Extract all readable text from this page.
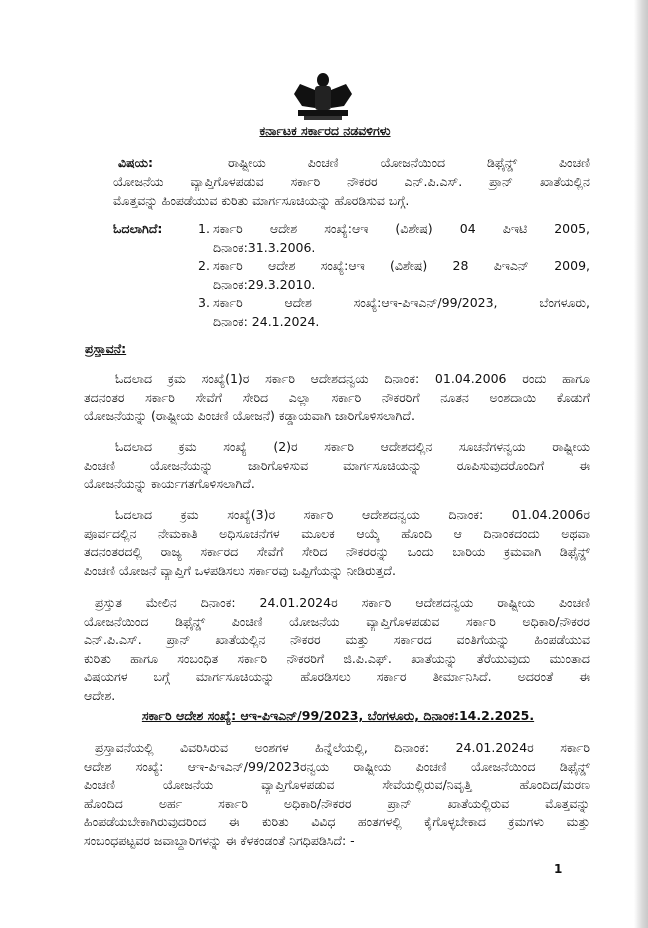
ಕರ್ನಾಟಕ ಸರ್ಕಾರದ ನಡವಳಿಗಳು
ವಿಷಯ:	ರಾಷ್ಟ್ರೀಯ ಪಿಂಚಣಿ ಯೋಜನೆಯಿಂದ ಡಿಫೈನ್ಡ್ ಪಿಂಚಣಿ
ಯೋಜನೆಯ ವ್ಯಾಪ್ತಿಗೊಳಪಡುವ ಸರ್ಕಾರಿ ನೌಕರರ ಎನ್.ಪಿ.ಎಸ್. ಪ್ರಾನ್ ಖಾತೆಯಲ್ಲಿನ
ಮೊತ್ತವನ್ನು ಹಿಂಪಡೆಯುವ ಕುರಿತು ಮಾರ್ಗಸೂಚಿಯನ್ನು ಹೊರಡಿಸುವ ಬಗ್ಗೆ.
ಓದಲಾಗಿದೆ:	1. ಸರ್ಕಾರಿ ಆದೇಶ ಸಂಖ್ಯೆ:ಆಇ (ವಿಶೇಷ) 04 ಪಿಇಟಿ 2005,
ದಿನಾಂಕ:31.3.2006.
2. ಸರ್ಕಾರಿ ಆದೇಶ ಸಂಖ್ಯೆ:ಆಇ (ವಿಶೇಷ) 28 ಪಿಇಎನ್ 2009,
ದಿನಾಂಕ:29.3.2010.
3. ಸರ್ಕಾರಿ ಆದೇಶ ಸಂಖ್ಯೆ:ಆಇ-ಪಿಇಎನ್/99/2023, ಬೆಂಗಳೂರು,
ದಿನಾಂಕ: 24.1.2024.
ಪ್ರಸ್ತಾವನೆ:
ಓದಲಾದ ಕ್ರಮ ಸಂಖ್ಯೆ(1)ರ ಸರ್ಕಾರಿ ಆದೇಶದನ್ವಯ ದಿನಾಂಕ: 01.04.2006 ರಂದು ಹಾಗೂ
ತದನಂತರ ಸರ್ಕಾರಿ ಸೇವೆಗೆ ಸೇರಿದ ಎಲ್ಲಾ ಸರ್ಕಾರಿ ನೌಕರರಿಗೆ ನೂತನ ಅಂಶದಾಯಿ ಕೊಡುಗೆ
ಯೋಜನೆಯನ್ನು (ರಾಷ್ಟ್ರೀಯ ಪಿಂಚಣಿ ಯೋಜನೆ) ಕಡ್ಡಾಯವಾಗಿ ಜಾರಿಗೊಳಿಸಲಾಗಿದೆ.
ಓದಲಾದ ಕ್ರಮ ಸಂಖ್ಯೆ (2)ರ ಸರ್ಕಾರಿ ಆದೇಶದಲ್ಲಿನ ಸೂಚನೆಗಳನ್ವಯ ರಾಷ್ಟ್ರೀಯ
ಪಿಂಚಣಿ ಯೋಜನೆಯನ್ನು ಜಾರಿಗೊಳಿಸುವ ಮಾರ್ಗಸೂಚಿಯನ್ನು ರೂಪಿಸುವುದರೊಂದಿಗೆ ಈ
ಯೋಜನೆಯನ್ನು ಕಾರ್ಯಗತಗೊಳಿಸಲಾಗಿದೆ.
ಓದಲಾದ ಕ್ರಮ ಸಂಖ್ಯೆ(3)ರ ಸರ್ಕಾರಿ ಆದೇಶದನ್ವಯ ದಿನಾಂಕ: 01.04.2006ರ
ಪೂರ್ವದಲ್ಲಿನ ನೇಮಕಾತಿ ಅಧಿಸೂಚನೆಗಳ ಮೂಲಕ ಆಯ್ಕೆ ಹೊಂದಿ ಆ ದಿನಾಂಕದಂದು ಅಥವಾ
ತದನಂತರದಲ್ಲಿ ರಾಜ್ಯ ಸರ್ಕಾರದ ಸೇವೆಗೆ ಸೇರಿದ ನೌಕರರನ್ನು ಒಂದು ಬಾರಿಯ ಕ್ರಮವಾಗಿ ಡಿಫೈನ್ಡ್
ಪಿಂಚಣಿ ಯೋಜನೆ ವ್ಯಾಪ್ತಿಗೆ ಒಳಪಡಿಸಲು ಸರ್ಕಾರವು ಒಪ್ಪಿಗೆಯನ್ನು ನೀಡಿರುತ್ತದೆ.
ಪ್ರಸ್ತುತ ಮೇಲಿನ ದಿನಾಂಕ: 24.01.2024ರ ಸರ್ಕಾರಿ ಆದೇಶದನ್ವಯ ರಾಷ್ಟ್ರೀಯ ಪಿಂಚಣಿ
ಯೋಜನೆಯಿಂದ ಡಿಫೈನ್ಡ್ ಪಿಂಚಿಣಿ ಯೋಜನೆಯ ವ್ಯಾಪ್ತಿಗೊಳಪಡುವ ಸರ್ಕಾರಿ ಅಧಿಕಾರಿ/ನೌಕರರ
ಎನ್.ಪಿ.ಎಸ್. ಪ್ರಾನ್ ಖಾತೆಯಲ್ಲಿನ ನೌಕರರ ಮತ್ತು ಸರ್ಕಾರದ ವಂತಿಗೆಯನ್ನು ಹಿಂಪಡೆಯುವ
ಕುರಿತು ಹಾಗೂ ಸಂಬಂಧಿತ ಸರ್ಕಾರಿ ನೌಕರರಿಗೆ ಜಿ.ಪಿ.ಎಫ್. ಖಾತೆಯನ್ನು ತೆರೆಯುವುದು ಮುಂತಾದ
ವಿಷಯಗಳ ಬಗ್ಗೆ ಮಾರ್ಗಸೂಚಿಯನ್ನು ಹೊರಡಿಸಲು ಸರ್ಕಾರ ತೀರ್ಮಾನಿಸಿದೆ. ಅದರಂತೆ ಈ
ಆದೇಶ.
ಸರ್ಕಾರಿ ಆದೇಶ ಸಂಖ್ಯೆ: ಆಇ-ಪಿಇಎನ್/99/2023, ಬೆಂಗಳೂರು, ದಿನಾಂಕ:14.2.2025.
ಪ್ರಸ್ತಾವನೆಯಲ್ಲಿ ವಿವರಿಸಿರುವ ಅಂಶಗಳ ಹಿನ್ನೆಲೆಯಲ್ಲಿ, ದಿನಾಂಕ: 24.01.2024ರ ಸರ್ಕಾರಿ
ಆದೇಶ ಸಂಖ್ಯೆ: ಆಇ-ಪಿಇಎನ್/99/2023ರನ್ವಯ ರಾಷ್ಟ್ರೀಯ ಪಿಂಚಣಿ ಯೋಜನೆಯಿಂದ ಡಿಫೈನ್ಡ್
ಪಿಂಚಣಿ ಯೋಜನೆಯ ವ್ಯಾಪ್ತಿಗೊಳಪಡುವ ಸೇವೆಯಲ್ಲಿರುವ/ನಿವೃತ್ತಿ ಹೊಂದಿದ/ಮರಣ
ಹೊಂದಿದ ಅರ್ಹ ಸರ್ಕಾರಿ ಅಧಿಕಾರಿ/ನೌಕರರ ಪ್ರಾನ್ ಖಾತೆಯಲ್ಲಿರುವ ಮೊತ್ತವನ್ನು
ಹಿಂಪಡೆಯಬೇಕಾಗಿರುವುದರಿಂದ ಈ ಕುರಿತು ವಿವಿಧ ಹಂತಗಳಲ್ಲಿ ಕೈಗೊಳ್ಳಬೇಕಾದ ಕ್ರಮಗಳು ಮತ್ತು
ಸಂಬಂಧಪಟ್ಟವರ ಜವಾಬ್ದಾರಿಗಳನ್ನು ಈ ಕೆಳಕಂಡಂತೆ ನಿಗಧಿಪಡಿಸಿದೆ: -
1
